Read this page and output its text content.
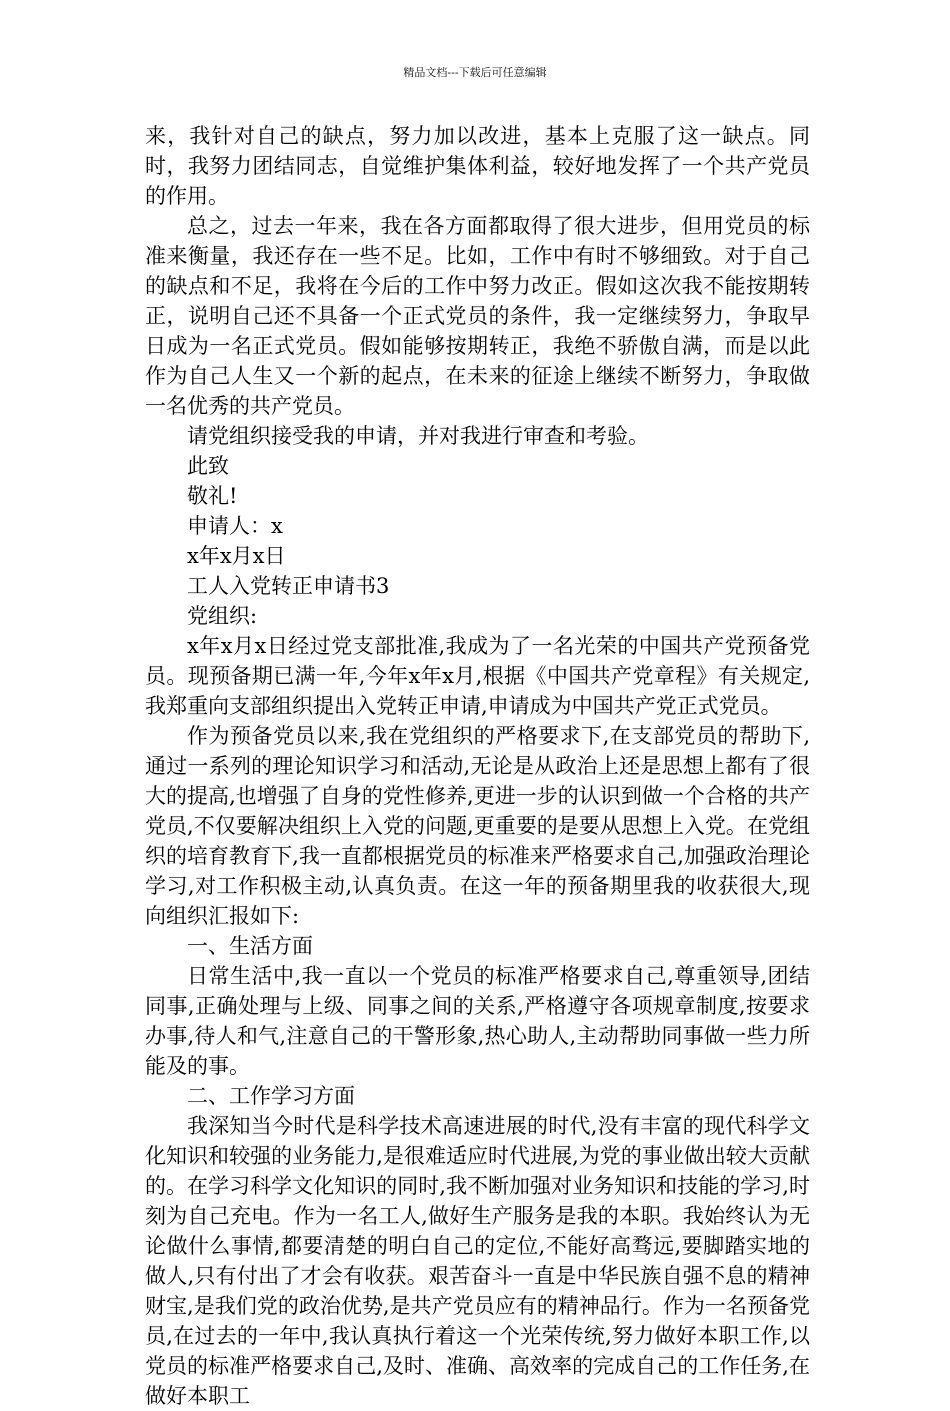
精品文档---下载后可任意编辑

来，我针对自己的缺点，努力加以改进，基本上克服了这一缺点。同时，我努力团结同志，自觉维护集体利益，较好地发挥了一个共产党员的作用。

总之，过去一年来，我在各方面都取得了很大进步，但用党员的标准来衡量，我还存在一些不足。比如，工作中有时不够细致。对于自己的缺点和不足，我将在今后的工作中努力改正。假如这次我不能按期转正，说明自己还不具备一个正式党员的条件，我一定继续努力，争取早日成为一名正式党员。假如能够按期转正，我绝不骄傲自满，而是以此作为自己人生又一个新的起点，在未来的征途上继续不断努力，争取做一名优秀的共产党员。

请党组织接受我的申请，并对我进行审查和考验。

此致

敬礼!

申请人：x

x年x月x日

工人入党转正申请书3

党组织:

x年x月x日经过党支部批准,我成为了一名光荣的中国共产党预备党员。现预备期已满一年,今年x年x月,根据《中国共产党章程》有关规定,我郑重向支部组织提出入党转正申请,申请成为中国共产党正式党员。

作为预备党员以来,我在党组织的严格要求下,在支部党员的帮助下,通过一系列的理论知识学习和活动,无论是从政治上还是思想上都有了很大的提高,也增强了自身的党性修养,更进一步的认识到做一个合格的共产党员,不仅要解决组织上入党的问题,更重要的是要从思想上入党。在党组织的培育教育下,我一直都根据党员的标准来严格要求自己,加强政治理论学习,对工作积极主动,认真负责。在这一年的预备期里我的收获很大,现向组织汇报如下:

一、生活方面

日常生活中,我一直以一个党员的标准严格要求自己,尊重领导,团结同事,正确处理与上级、同事之间的关系,严格遵守各项规章制度,按要求办事,待人和气,注意自己的干警形象,热心助人,主动帮助同事做一些力所能及的事。

二、工作学习方面

我深知当今时代是科学技术高速进展的时代,没有丰富的现代科学文化知识和较强的业务能力,是很难适应时代进展,为党的事业做出较大贡献的。在学习科学文化知识的同时,我不断加强对业务知识和技能的学习,时刻为自己充电。作为一名工人,做好生产服务是我的本职。我始终认为无论做什么事情,都要清楚的明白自己的定位,不能好高骛远,要脚踏实地的做人,只有付出了才会有收获。艰苦奋斗一直是中华民族自强不息的精神财宝,是我们党的政治优势,是共产党员应有的精神品行。作为一名预备党员,在过去的一年中,我认真执行着这一个光荣传统,努力做好本职工作,以党员的标准严格要求自己,及时、准确、高效率的完成自己的工作任务,在做好本职工
